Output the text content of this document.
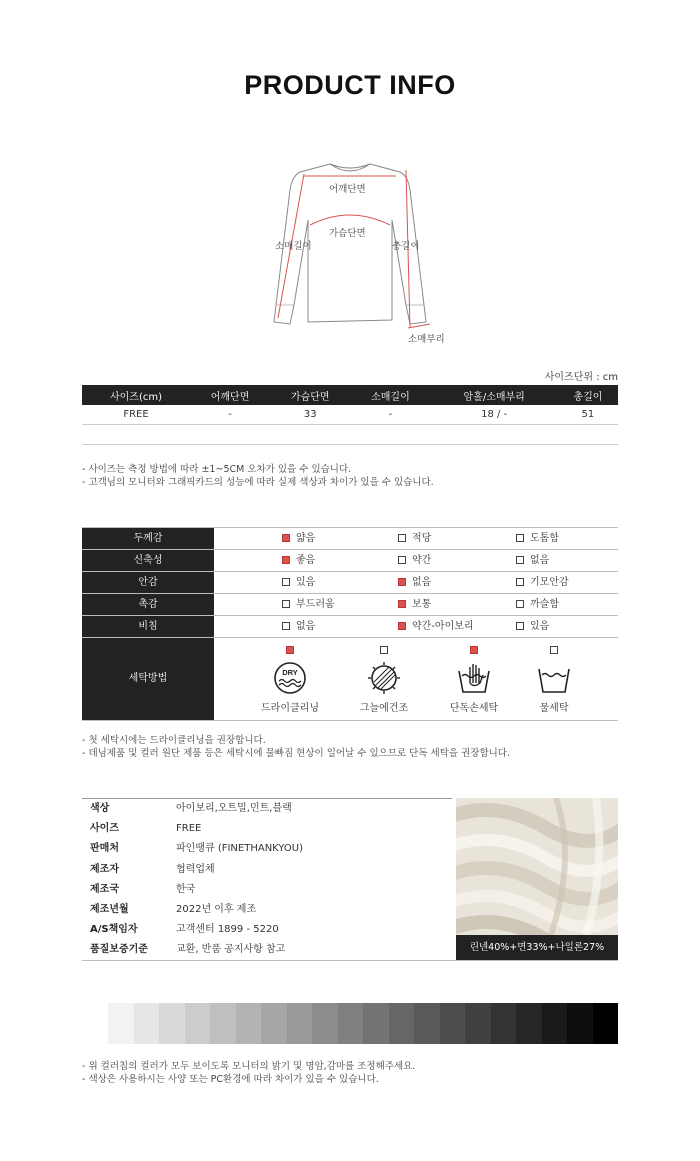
PRODUCT INFO
어깨단면
가슴단면
소매길이	총길이
소매부리
사이즈단위 : cm
사이즈(cm)	어깨단면	가슴단면	소매길이	암홀/소매부리	총길이
FREE	-	33	-	18 / -	51

- 사이즈는 측정 방법에 따라 ±1~5CM 오차가 있을 수 있습니다.
- 고객님의 모니터와 그래픽카드의 성능에 따라 실제 색상과 차이가 있을 수 있습니다.
두께감	얇음	적당	도톰함
신축성	좋음	약간	없음
안감	있음	없음	기모안감
촉감	부드러움	보통	까슬함
비침	없음	약간-아이보리	있음
세탁방법
DRY
드라이클리닝	그늘에건조	단독손세탁	물세탁
- 첫 세탁시에는 드라이클리닝을 권장합니다.
- 데님제품 및 컬러 원단 제품 등은 세탁시에 물빠짐 현상이 일어날 수 있으므로 단독 세탁을 권장합니다.
색상	아이보리,오트밀,민트,블랙
사이즈	FREE
판매처	파인땡큐 (FINETHANKYOU)
제조자	협력업체
제조국	한국
제조년월	2022년 이후 제조
A/S책임자	고객센터 1899 - 5220
품질보증기준	교환, 반품 공지사항 참고	린넨40%+면33%+나일론27%
- 위 컬러칩의 컬러가 모두 보이도록 모니터의 밝기 및 명암,감마를 조정해주세요.
- 색상은 사용하시는 사양 또는 PC환경에 따라 차이가 있을 수 있습니다.
